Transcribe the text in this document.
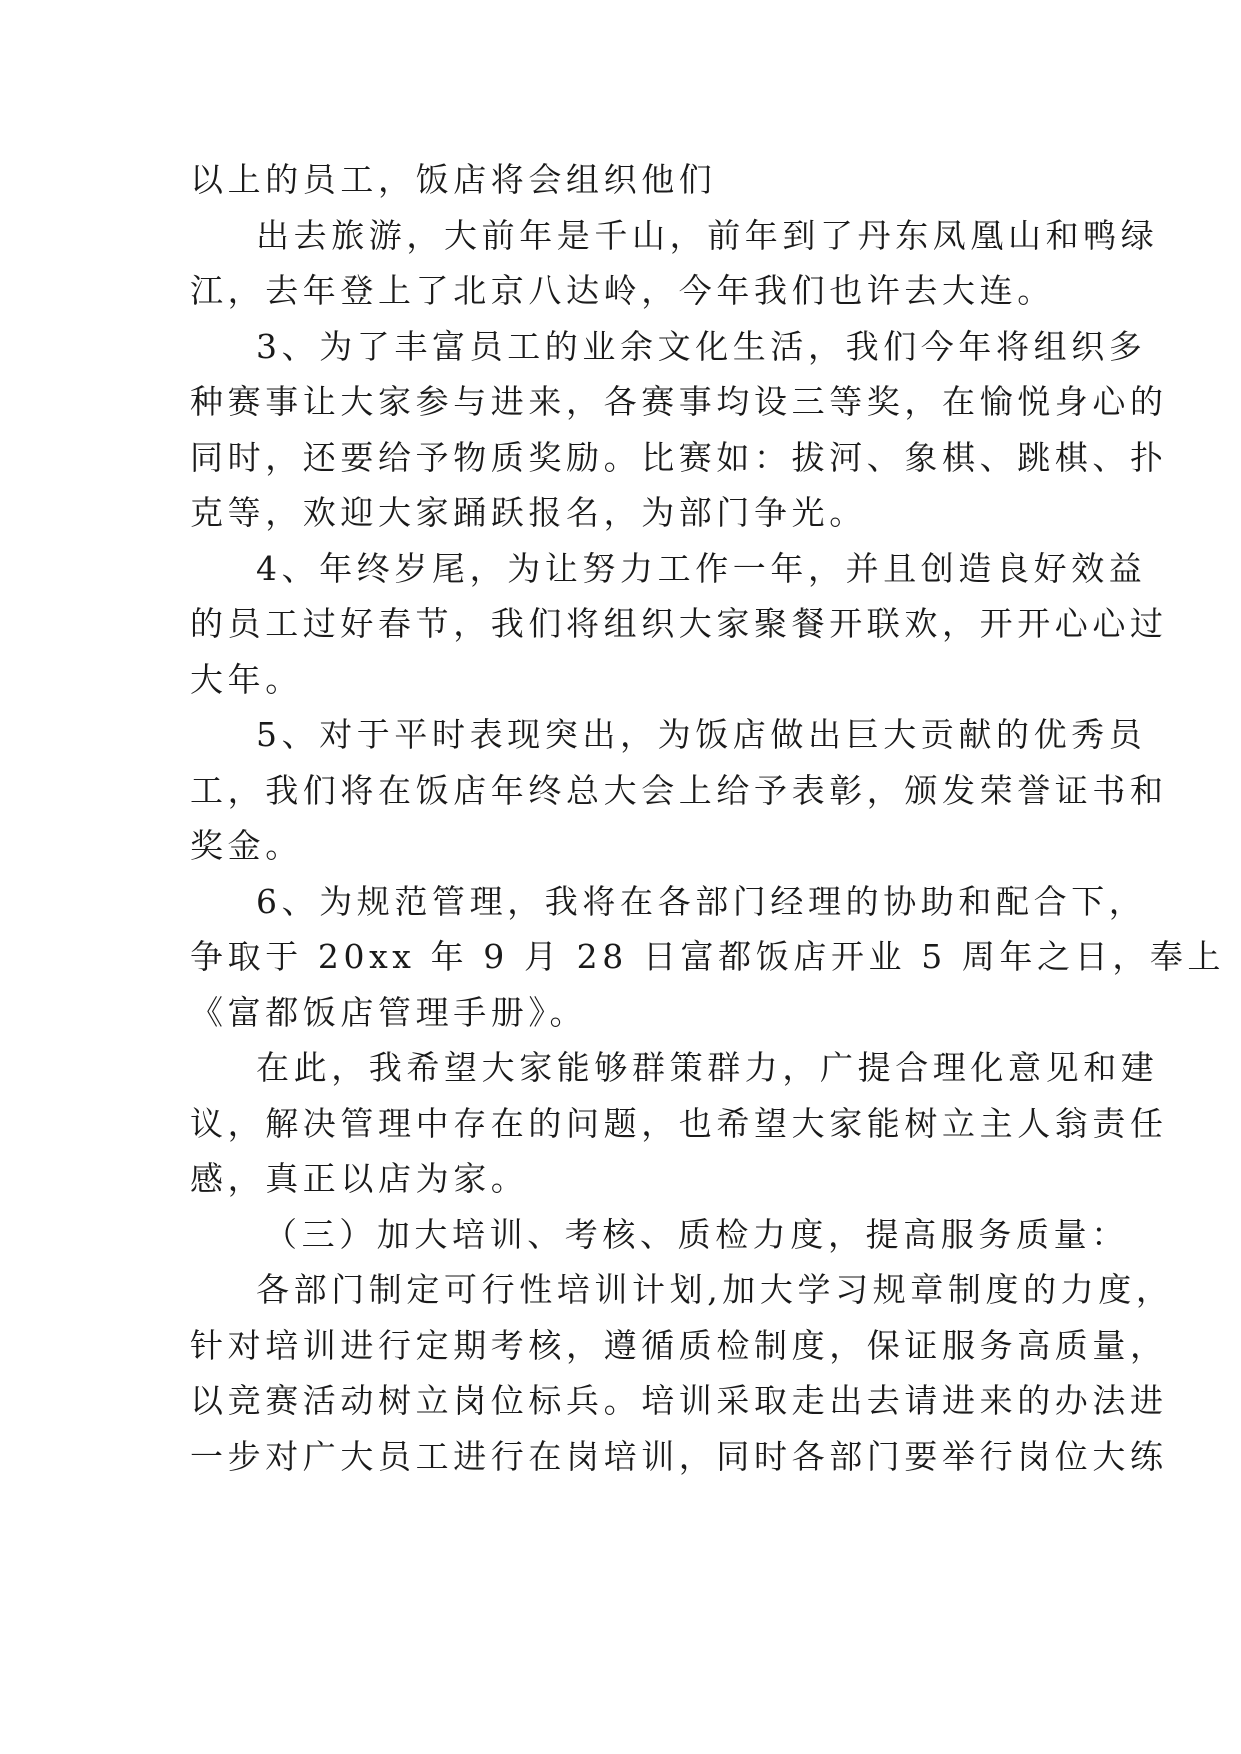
以上的员工，饭店将会组织他们
出去旅游，大前年是千山，前年到了丹东凤凰山和鸭绿
江，去年登上了北京八达岭，今年我们也许去大连。
3、为了丰富员工的业余文化生活，我们今年将组织多
种赛事让大家参与进来，各赛事均设三等奖，在愉悦身心的
同时，还要给予物质奖励。比赛如：拔河、象棋、跳棋、扑
克等，欢迎大家踊跃报名，为部门争光。
4、年终岁尾，为让努力工作一年，并且创造良好效益
的员工过好春节，我们将组织大家聚餐开联欢，开开心心过
大年。
5、对于平时表现突出，为饭店做出巨大贡献的优秀员
工，我们将在饭店年终总大会上给予表彰，颁发荣誉证书和
奖金。
6、为规范管理，我将在各部门经理的协助和配合下，
争取于 20xx 年 9 月 28 日富都饭店开业 5 周年之日，奉上
《富都饭店管理手册》。
在此，我希望大家能够群策群力，广提合理化意见和建
议，解决管理中存在的问题，也希望大家能树立主人翁责任
感，真正以店为家。
（三）加大培训、考核、质检力度，提高服务质量：
各部门制定可行性培训计划,加大学习规章制度的力度，
针对培训进行定期考核，遵循质检制度，保证服务高质量，
以竞赛活动树立岗位标兵。培训采取走出去请进来的办法进
一步对广大员工进行在岗培训，同时各部门要举行岗位大练
